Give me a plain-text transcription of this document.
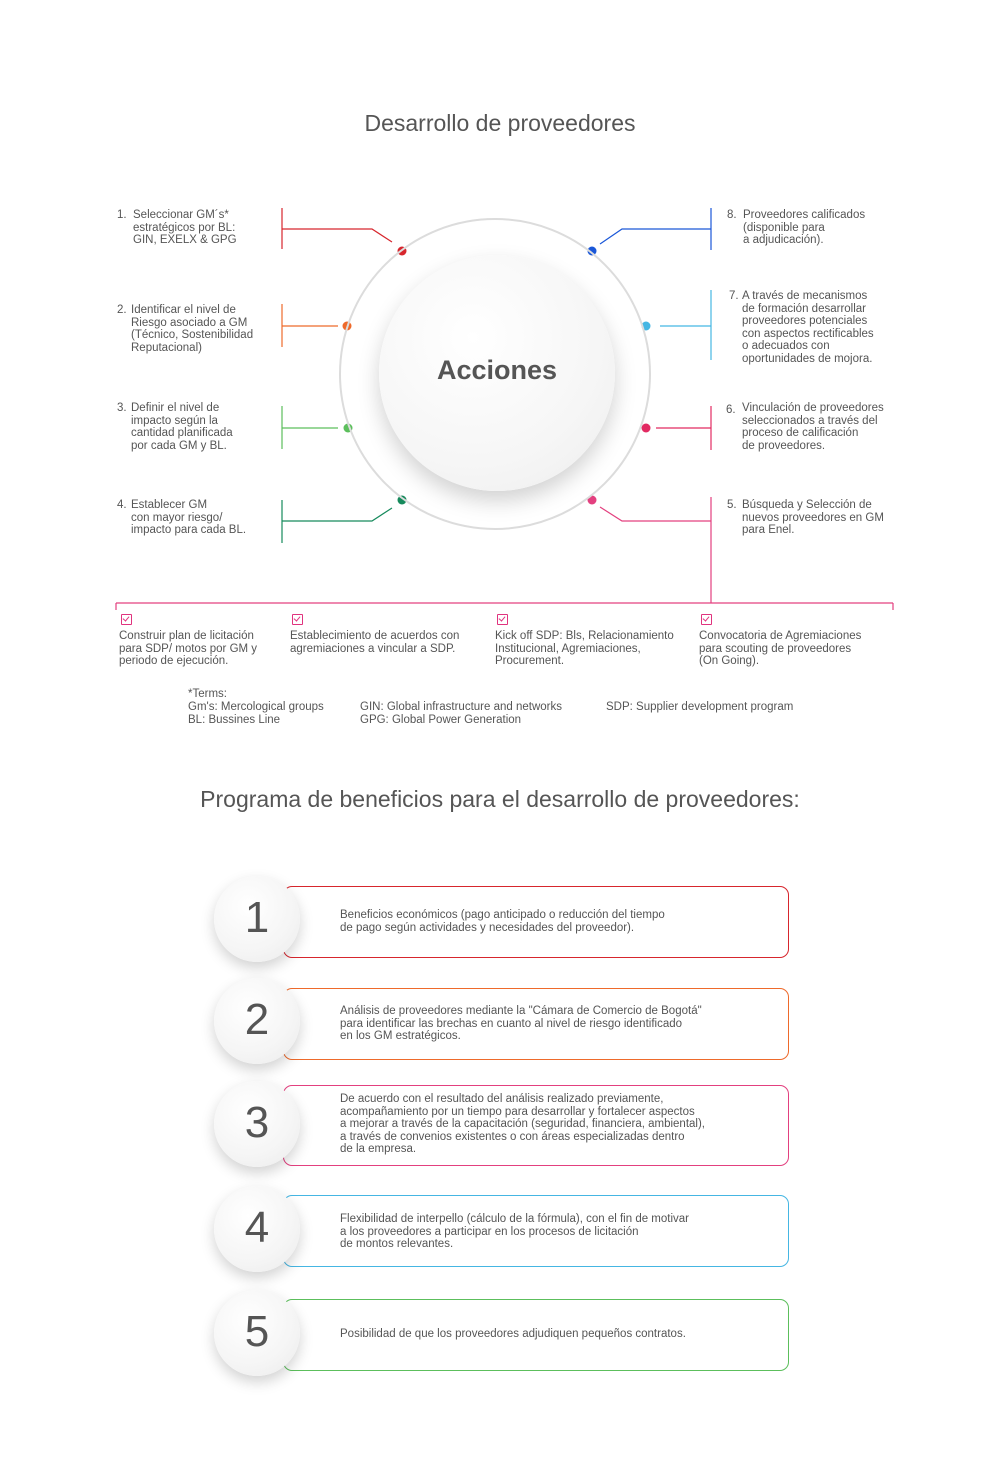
Desarrollo de proveedores
Acciones
1. Seleccionar GM´s*
estratégicos por BL:
GIN, EXELX & GPG
2. Identificar el nivel de
Riesgo asociado a GM
(Técnico, Sostenibilidad
Reputacional)
3. Definir el nivel de
impacto según la
cantidad planificada
por cada GM y BL.
4. Establecer GM
con mayor riesgo/
impacto para cada BL.
8. Proveedores calificados
(disponible para
a adjudicación).
7. A través de mecanismos
de formación desarrollar
proveedores potenciales
con aspectos rectificables
o adecuados con
oportunidades de mojora.
6. Vinculación de proveedores
seleccionados a través del
proceso de calificación
de proveedores.
5. Búsqueda y Selección de
nuevos proveedores en GM
para Enel.
Construir plan de licitación
para SDP/ motos por GM y
periodo de ejecución.
Establecimiento de acuerdos con
agremiaciones a vincular a SDP.
Kick off SDP: Bls, Relacionamiento
Institucional, Agremiaciones,
Procurement.
Convocatoria de Agremiaciones
para scouting de proveedores
(On Going).
*Terms:
Gm's: Mercological groups
BL: Bussines Line
GIN: Global infrastructure and networks
GPG: Global Power Generation
SDP: Supplier development program
Programa de beneficios para el desarrollo de proveedores:
Beneficios económicos (pago anticipado o reducción del tiempo
de pago según actividades y necesidades del proveedor).
1
Análisis de proveedores mediante la "Cámara de Comercio de Bogotá"
para identificar las brechas en cuanto al nivel de riesgo identificado
en los GM estratégicos.
2
De acuerdo con el resultado del análisis realizado previamente,
acompañamiento por un tiempo para desarrollar y fortalecer aspectos
a mejorar a través de la capacitación (seguridad, financiera, ambiental),
a través de convenios existentes o con áreas especializadas dentro
de la empresa.
3
Flexibilidad de interpello (cálculo de la fórmula), con el fin de motivar
a los proveedores a participar en los procesos de licitación
de montos relevantes.
4
Posibilidad de que los proveedores adjudiquen pequeños contratos.
5
